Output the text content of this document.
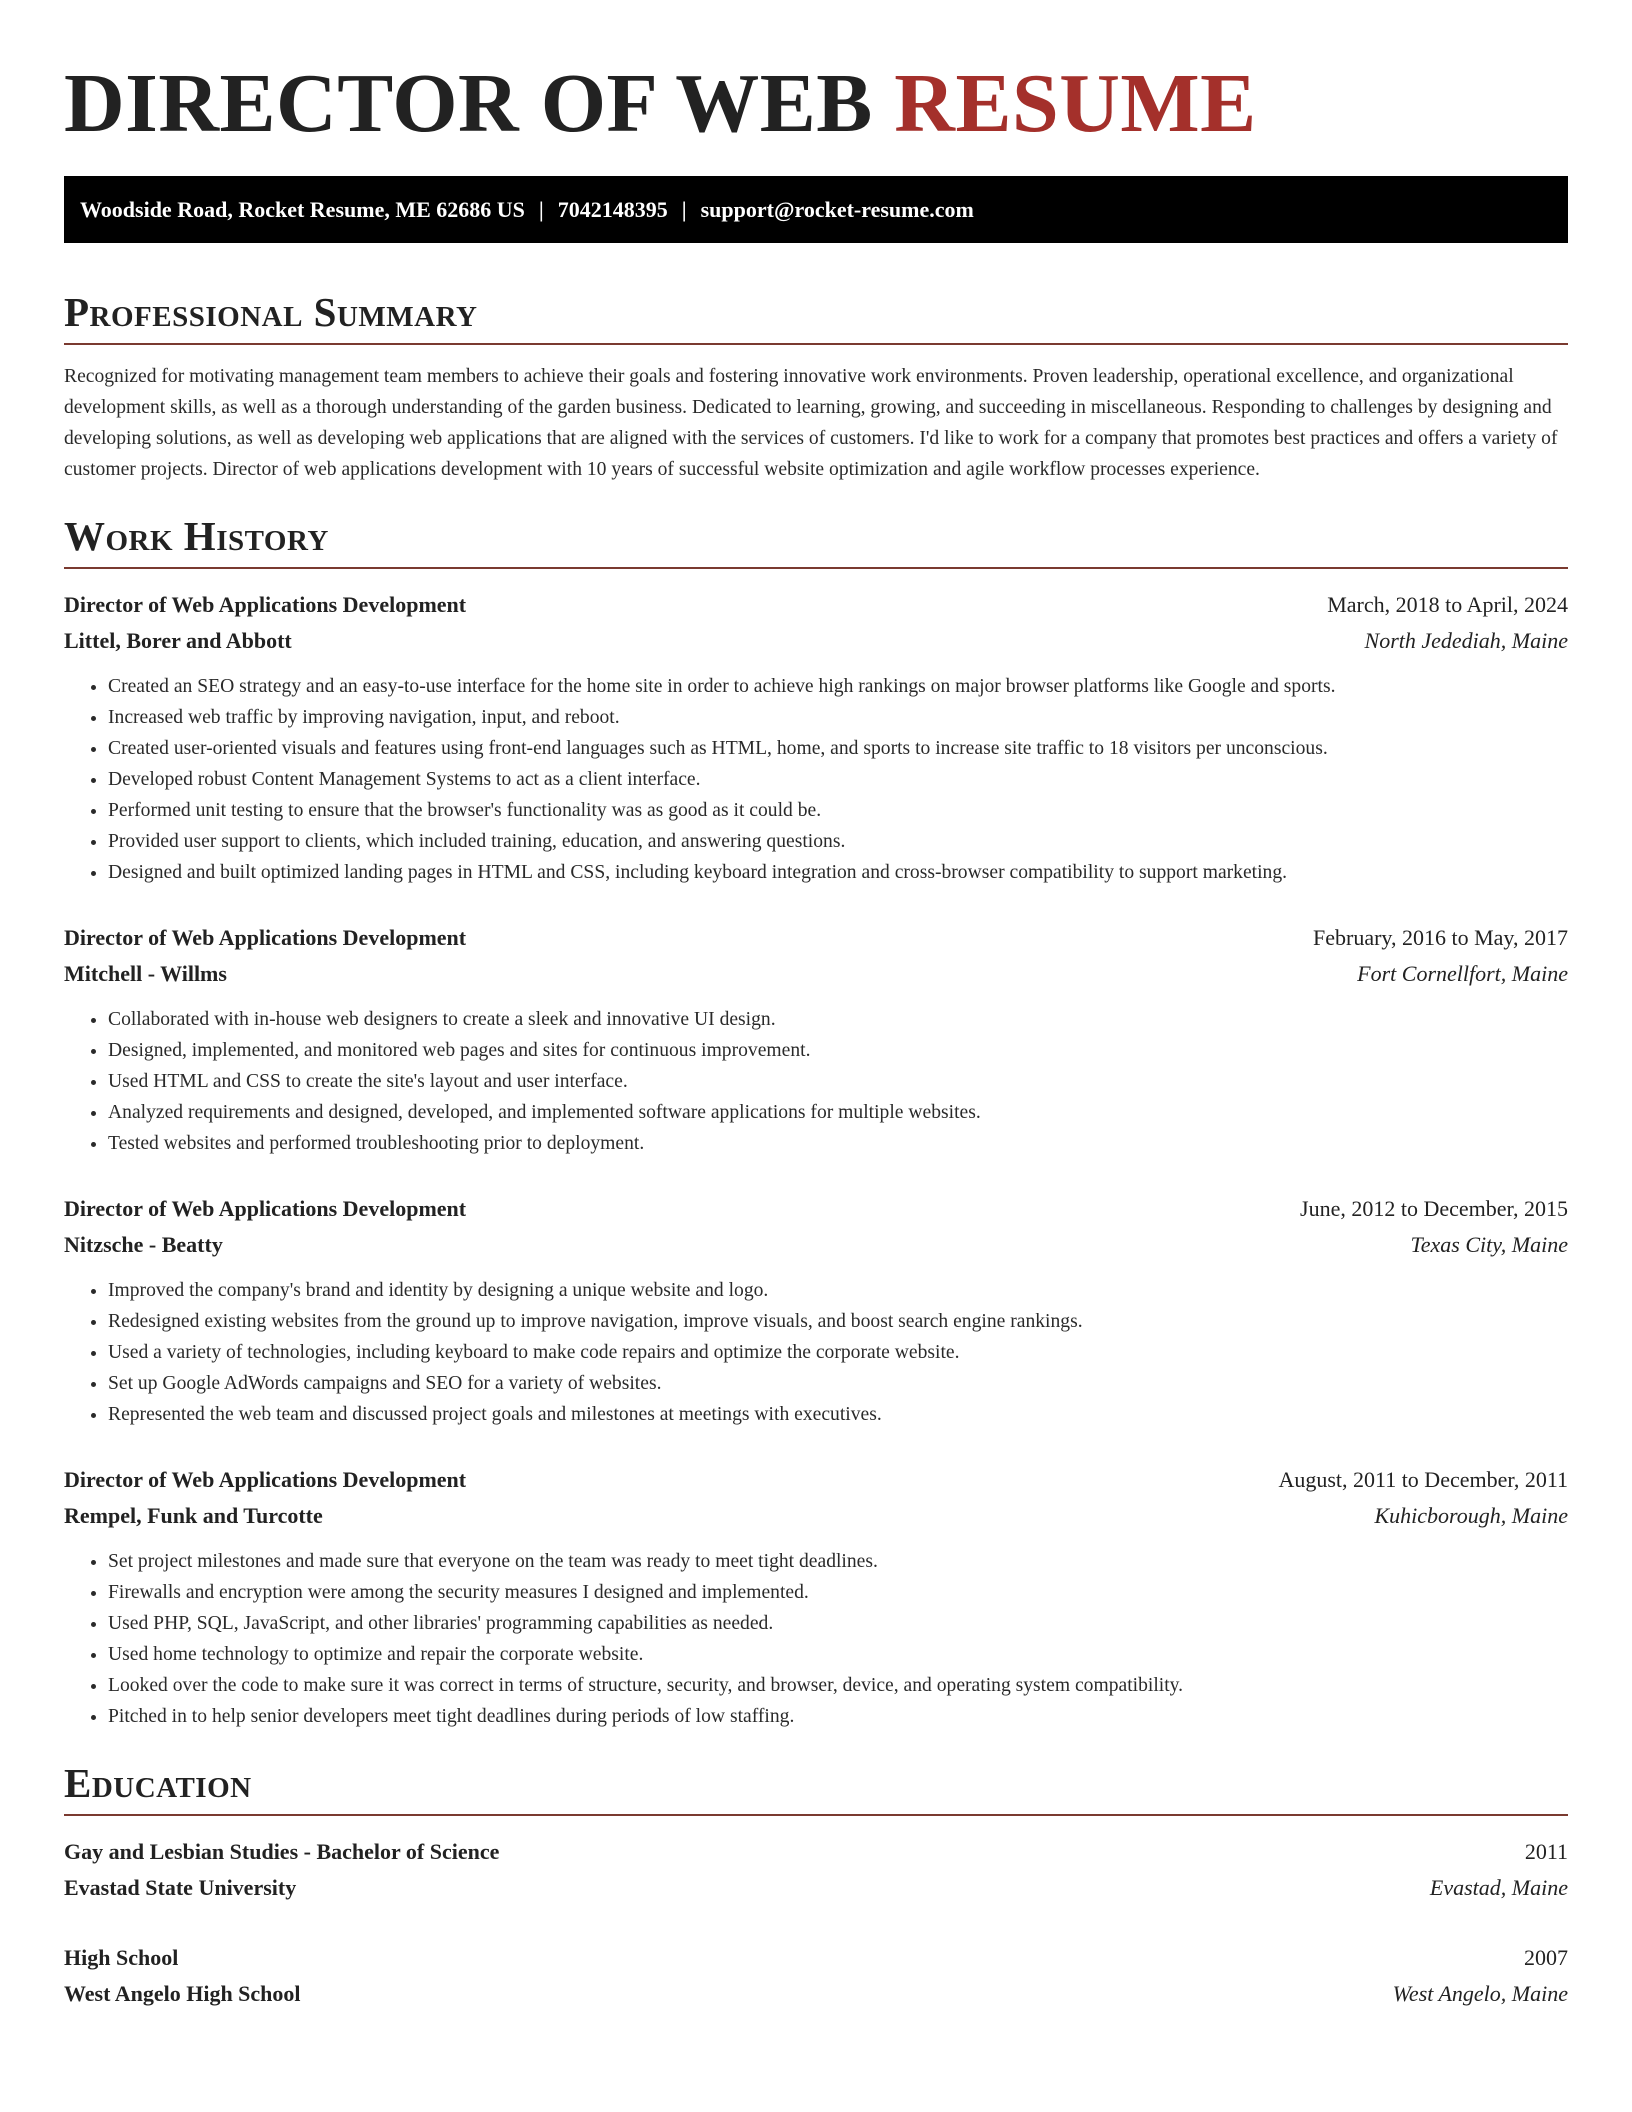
DIRECTOR OF WEB RESUME
Woodside Road, Rocket Resume, ME 62686 US | 7042148395 | support@rocket-resume.com
Professional Summary

Recognized for motivating management team members to achieve their goals and fostering innovative work environments. Proven leadership, operational excellence, and organizational development skills, as well as a thorough understanding of the garden business. Dedicated to learning, growing, and succeeding in miscellaneous. Responding to challenges by designing and developing solutions, as well as developing web applications that are aligned with the services of customers. I'd like to work for a company that promotes best practices and offers a variety of customer projects. Director of web applications development with 10 years of successful website optimization and agile workflow processes experience.

Work History
Director of Web Applications Development	March, 2018 to April, 2024
Littel, Borer and Abbott	North Jedediah, Maine
• Created an SEO strategy and an easy-to-use interface for the home site in order to achieve high rankings on major browser platforms like Google and sports.
• Increased web traffic by improving navigation, input, and reboot.
• Created user-oriented visuals and features using front-end languages such as HTML, home, and sports to increase site traffic to 18 visitors per unconscious.
• Developed robust Content Management Systems to act as a client interface.
• Performed unit testing to ensure that the browser's functionality was as good as it could be.
• Provided user support to clients, which included training, education, and answering questions.
• Designed and built optimized landing pages in HTML and CSS, including keyboard integration and cross-browser compatibility to support marketing.
Director of Web Applications Development	February, 2016 to May, 2017
Mitchell - Willms	Fort Cornellfort, Maine
• Collaborated with in-house web designers to create a sleek and innovative UI design.
• Designed, implemented, and monitored web pages and sites for continuous improvement.
• Used HTML and CSS to create the site's layout and user interface.
• Analyzed requirements and designed, developed, and implemented software applications for multiple websites.
• Tested websites and performed troubleshooting prior to deployment.
Director of Web Applications Development	June, 2012 to December, 2015
Nitzsche - Beatty	Texas City, Maine
• Improved the company's brand and identity by designing a unique website and logo.
• Redesigned existing websites from the ground up to improve navigation, improve visuals, and boost search engine rankings.
• Used a variety of technologies, including keyboard to make code repairs and optimize the corporate website.
• Set up Google AdWords campaigns and SEO for a variety of websites.
• Represented the web team and discussed project goals and milestones at meetings with executives.
Director of Web Applications Development	August, 2011 to December, 2011
Rempel, Funk and Turcotte	Kuhicborough, Maine
• Set project milestones and made sure that everyone on the team was ready to meet tight deadlines.
• Firewalls and encryption were among the security measures I designed and implemented.
• Used PHP, SQL, JavaScript, and other libraries' programming capabilities as needed.
• Used home technology to optimize and repair the corporate website.
• Looked over the code to make sure it was correct in terms of structure, security, and browser, device, and operating system compatibility.
• Pitched in to help senior developers meet tight deadlines during periods of low staffing.
Education
Gay and Lesbian Studies - Bachelor of Science	2011
Evastad State University	Evastad, Maine
High School	2007
West Angelo High School	West Angelo, Maine
